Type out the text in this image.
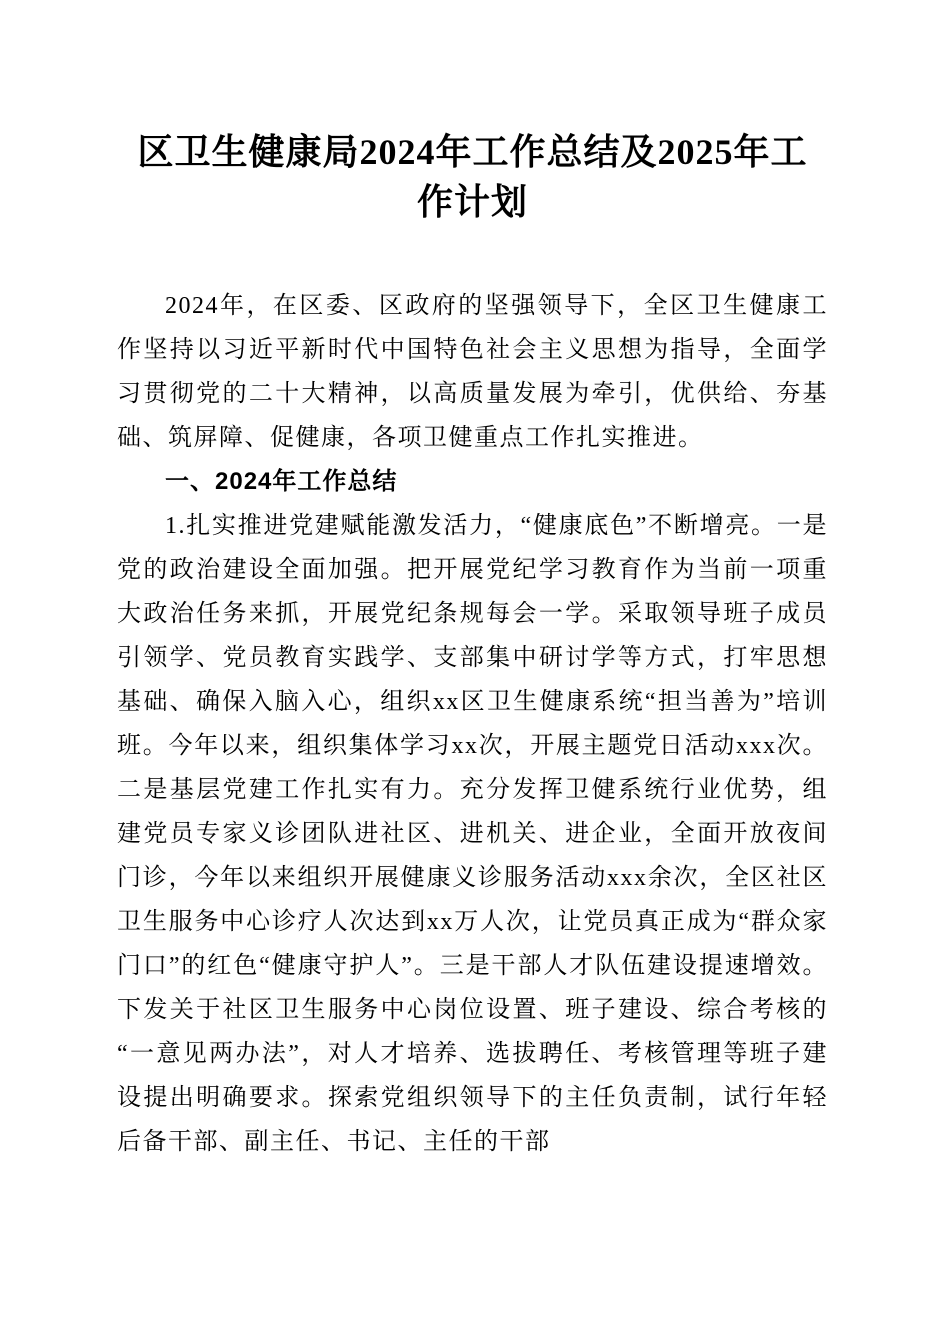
区卫生健康局2024年工作总结及2025年工作计划

2024年，在区委、区政府的坚强领导下，全区卫生健康工作坚持以习近平新时代中国特色社会主义思想为指导，全面学习贯彻党的二十大精神，以高质量发展为牵引，优供给、夯基础、筑屏障、促健康，各项卫健重点工作扎实推进。

一、2024年工作总结

1.扎实推进党建赋能激发活力，“健康底色”不断增亮。一是党的政治建设全面加强。把开展党纪学习教育作为当前一项重大政治任务来抓，开展党纪条规每会一学。采取领导班子成员引领学、党员教育实践学、支部集中研讨学等方式，打牢思想基础、确保入脑入心，组织xx区卫生健康系统“担当善为”培训班。今年以来，组织集体学习xx次，开展主题党日活动xxx次。二是基层党建工作扎实有力。充分发挥卫健系统行业优势，组建党员专家义诊团队进社区、进机关、进企业，全面开放夜间门诊，今年以来组织开展健康义诊服务活动xxx余次，全区社区卫生服务中心诊疗人次达到xx万人次，让党员真正成为“群众家门口”的红色“健康守护人”。三是干部人才队伍建设提速增效。下发关于社区卫生服务中心岗位设置、班子建设、综合考核的“一意见两办法”，对人才培养、选拔聘任、考核管理等班子建设提出明确要求。探索党组织领导下的主任负责制，试行年轻后备干部、副主任、书记、主任的干部
